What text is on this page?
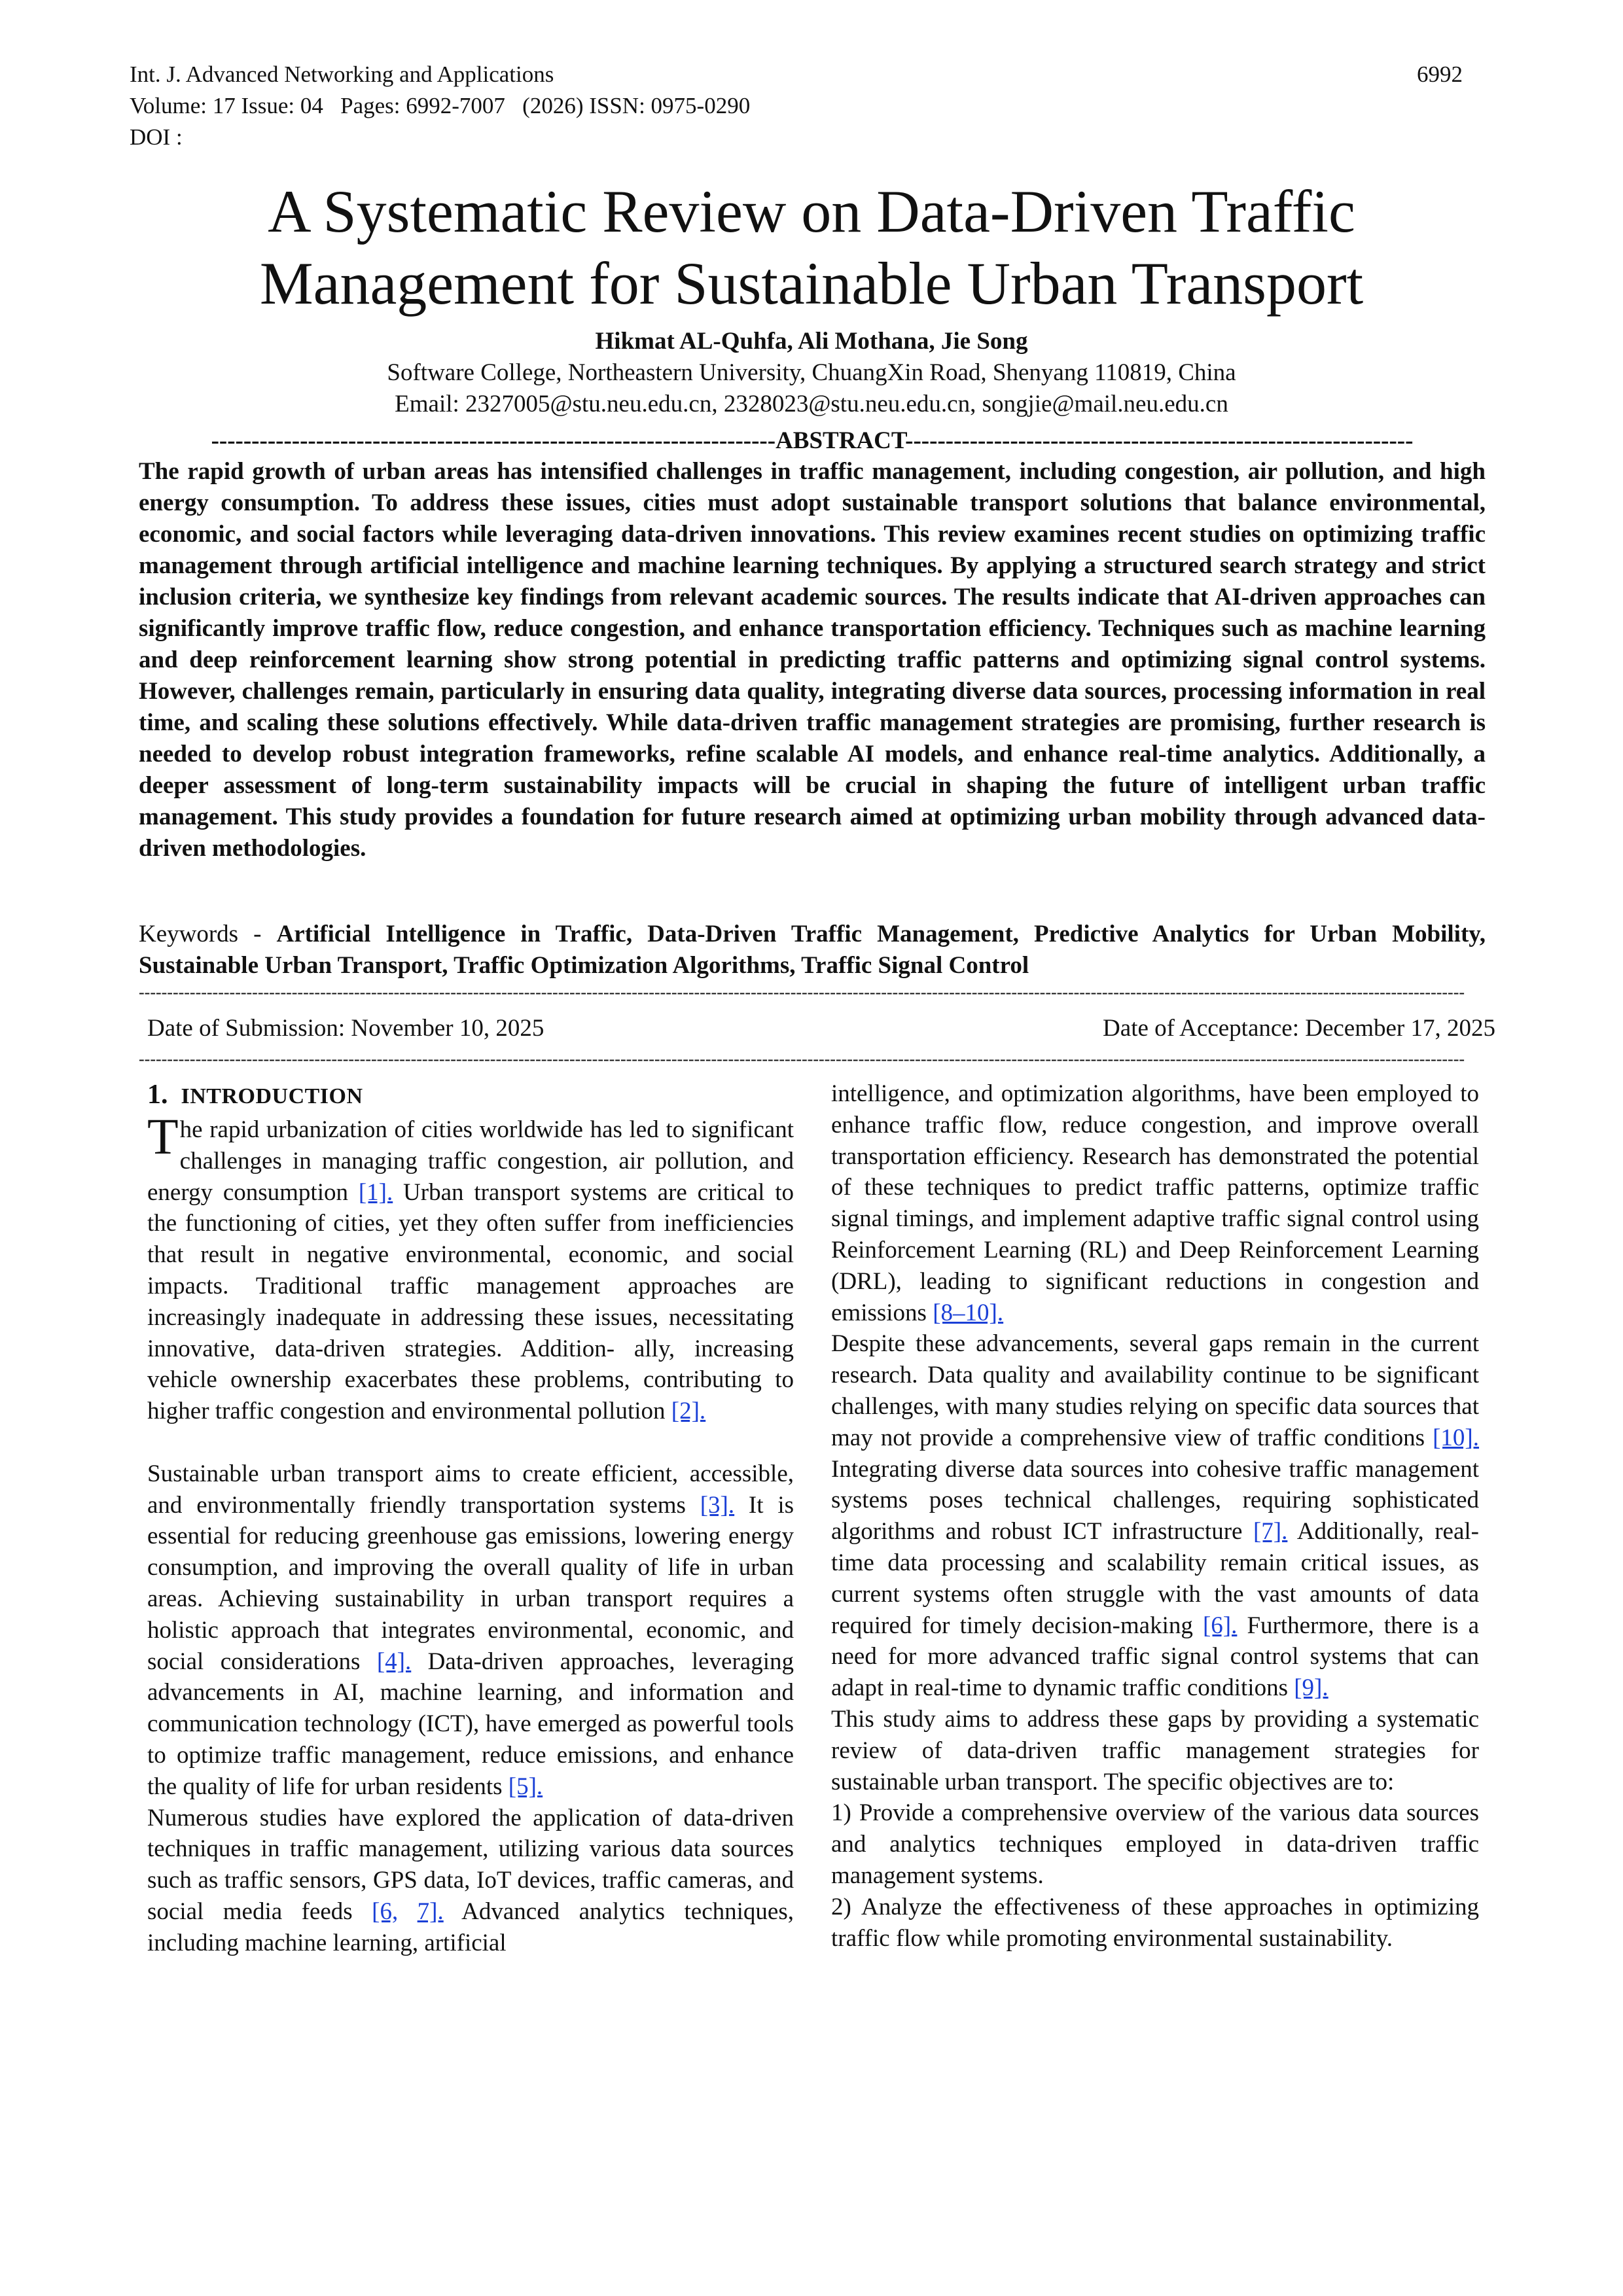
Int. J. Advanced Networking and Applications	6992
Volume: 17 Issue: 04   Pages: 6992-7007   (2026) ISSN: 0975-0290
DOI :
A Systematic Review on Data-Driven Traffic
Management for Sustainable Urban Transport
Hikmat AL-Quhfa, Ali Mothana, Jie Song
Software College, Northeastern University, ChuangXin Road, Shenyang 110819, China
Email: 2327005@stu.neu.edu.cn, 2328023@stu.neu.edu.cn, songjie@mail.neu.edu.cn
----------------------------------------------------------------------ABSTRACT---------------------------------------------------------------
The rapid growth of urban areas has intensified challenges in traffic management, including congestion, air pollution, and high energy consumption. To address these issues, cities must adopt sustainable transport solutions that balance environmental, economic, and social factors while leveraging data-driven innovations. This review examines recent studies on optimizing traffic management through artificial intelligence and machine learning techniques. By applying a structured search strategy and strict inclusion criteria, we synthesize key findings from relevant academic sources. The results indicate that AI-driven approaches can significantly improve traffic flow, reduce congestion, and enhance transportation efficiency. Techniques such as machine learning and deep reinforcement learning show strong potential in predicting traffic patterns and optimizing signal control systems. However, challenges remain, particularly in ensuring data quality, integrating diverse data sources, processing information in real time, and scaling these solutions effectively. While data-driven traffic management strategies are promising, further research is needed to develop robust integration frameworks, refine scalable AI models, and enhance real-time analytics. Additionally, a deeper assessment of long-term sustainability impacts will be crucial in shaping the future of intelligent urban traffic management. This study provides a foundation for future research aimed at optimizing urban mobility through advanced data-driven methodologies.
Keywords - Artificial Intelligence in Traffic, Data-Driven Traffic Management, Predictive Analytics for Urban Mobility, Sustainable Urban Transport, Traffic Optimization Algorithms, Traffic Signal Control
------------------------------------------------------------------------------------------------------------------------------------------------------------------------------------------------------------------------------------------
Date of Submission: November 10, 2025	Date of Acceptance: December 17, 2025
------------------------------------------------------------------------------------------------------------------------------------------------------------------------------------------------------------------------------------------
1. INTRODUCTION

The rapid urbanization of cities worldwide has led to significant challenges in managing traffic congestion, air pollution, and energy consumption [1]. Urban transport systems are critical to the functioning of cities, yet they often suffer from inefficiencies that result in negative environmental, economic, and social impacts. Traditional traffic management approaches are increasingly inadequate in addressing these issues, necessitating innovative, data-driven strategies. Addition- ally, increasing vehicle ownership exacerbates these problems, contributing to higher traffic congestion and environmental pollution [2].

Sustainable urban transport aims to create efficient, accessible, and environmentally friendly transportation systems [3]. It is essential for reducing greenhouse gas emissions, lowering energy consumption, and improving the overall quality of life in urban areas. Achieving sustainability in urban transport requires a holistic approach that integrates environmental, economic, and social considerations [4]. Data-driven approaches, leveraging advancements in AI, machine learning, and information and communication technology (ICT), have emerged as powerful tools to optimize traffic management, reduce emissions, and enhance the quality of life for urban residents [5].

Numerous studies have explored the application of data-driven techniques in traffic management, utilizing various data sources such as traffic sensors, GPS data, IoT devices, traffic cameras, and social media feeds [6, 7]. Advanced analytics techniques, including machine learning, artificial

intelligence, and optimization algorithms, have been employed to enhance traffic flow, reduce congestion, and improve overall transportation efficiency. Research has demonstrated the potential of these techniques to predict traffic patterns, optimize traffic signal timings, and implement adaptive traffic signal control using Reinforcement Learning (RL) and Deep Reinforcement Learning (DRL), leading to significant reductions in congestion and emissions [8–10].

Despite these advancements, several gaps remain in the current research. Data quality and availability continue to be significant challenges, with many studies relying on specific data sources that may not provide a comprehensive view of traffic conditions [10]. Integrating diverse data sources into cohesive traffic management systems poses technical challenges, requiring sophisticated algorithms and robust ICT infrastructure [7]. Additionally, real-time data processing and scalability remain critical issues, as current systems often struggle with the vast amounts of data required for timely decision-making [6]. Furthermore, there is a need for more advanced traffic signal control systems that can adapt in real-time to dynamic traffic conditions [9].

This study aims to address these gaps by providing a systematic review of data-driven traffic management strategies for sustainable urban transport. The specific objectives are to:

1) Provide a comprehensive overview of the various data sources and analytics techniques employed in data-driven traffic management systems.

2) Analyze the effectiveness of these approaches in optimizing traffic flow while promoting environmental sustainability.
